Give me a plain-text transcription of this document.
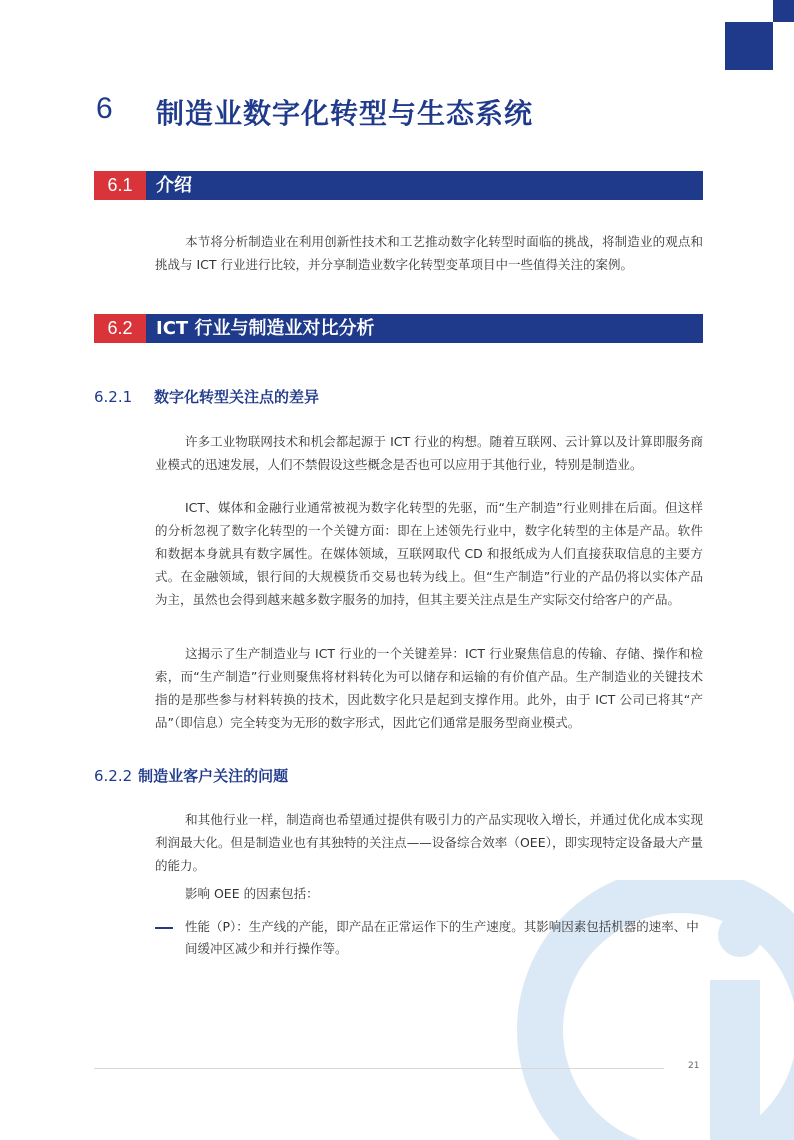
6 制造业数字化转型与生态系统
6.1	介绍

本节将分析制造业在利用创新性技术和工艺推动数字化转型时面临的挑战，将制造业的观点和挑战与 ICT 行业进行比较，并分享制造业数字化转型变革项目中一些值得关注的案例。

6.2	ICT 行业与制造业对比分析
6.2.1 数字化转型关注点的差异

许多工业物联网技术和机会都起源于 ICT 行业的构想。随着互联网、云计算以及计算即服务商业模式的迅速发展，人们不禁假设这些概念是否也可以应用于其他行业，特别是制造业。

ICT、媒体和金融行业通常被视为数字化转型的先驱，而“生产制造”行业则排在后面。但这样的分析忽视了数字化转型的一个关键方面：即在上述领先行业中，数字化转型的主体是产品。软件和数据本身就具有数字属性。在媒体领域，互联网取代 CD 和报纸成为人们直接获取信息的主要方式。在金融领域，银行间的大规模货币交易也转为线上。但“生产制造”行业的产品仍将以实体产品为主，虽然也会得到越来越多数字服务的加持，但其主要关注点是生产实际交付给客户的产品。

这揭示了生产制造业与 ICT 行业的一个关键差异：ICT 行业聚焦信息的传输、存储、操作和检索，而“生产制造”行业则聚焦将材料转化为可以储存和运输的有价值产品。生产制造业的关键技术指的是那些参与材料转换的技术，因此数字化只是起到支撑作用。此外，由于 ICT 公司已将其“产品”（即信息）完全转变为无形的数字形式，因此它们通常是服务型商业模式。

6.2.2 制造业客户关注的问题

和其他行业一样，制造商也希望通过提供有吸引力的产品实现收入增长，并通过优化成本实现利润最大化。但是制造业也有其独特的关注点——设备综合效率（OEE），即实现特定设备最大产量的能力。

影响 OEE 的因素包括：

性能（P）：生产线的产能，即产品在正常运作下的生产速度。其影响因素包括机器的速率、中间缓冲区减少和并行操作等。

21
